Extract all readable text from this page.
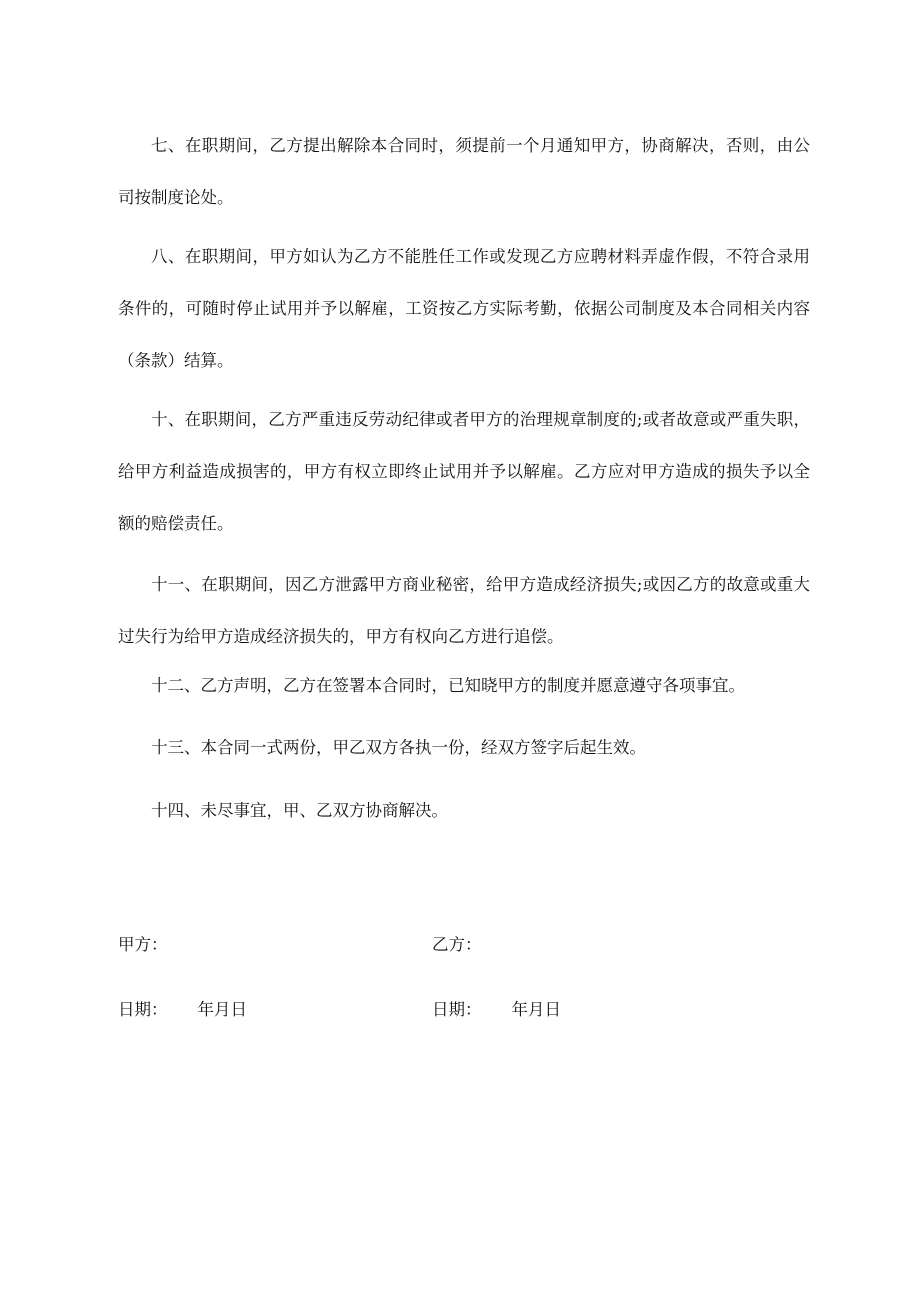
七、在职期间，乙方提出解除本合同时，须提前一个月通知甲方，协商解决，否则，由公司按制度论处。

八、在职期间，甲方如认为乙方不能胜任工作或发现乙方应聘材料弄虚作假，不符合录用条件的，可随时停止试用并予以解雇，工资按乙方实际考勤，依据公司制度及本合同相关内容（条款）结算。

十、在职期间，乙方严重违反劳动纪律或者甲方的治理规章制度的;或者故意或严重失职，给甲方利益造成损害的，甲方有权立即终止试用并予以解雇。乙方应对甲方造成的损失予以全额的赔偿责任。

十一、在职期间，因乙方泄露甲方商业秘密，给甲方造成经济损失;或因乙方的故意或重大过失行为给甲方造成经济损失的，甲方有权向乙方进行追偿。

十二、乙方声明，乙方在签署本合同时，已知晓甲方的制度并愿意遵守各项事宜。

十三、本合同一式两份，甲乙双方各执一份，经双方签字后起生效。

十四、未尽事宜，甲、乙双方协商解决。

甲方：	乙方：

日期： 年月日	日期： 年月日
